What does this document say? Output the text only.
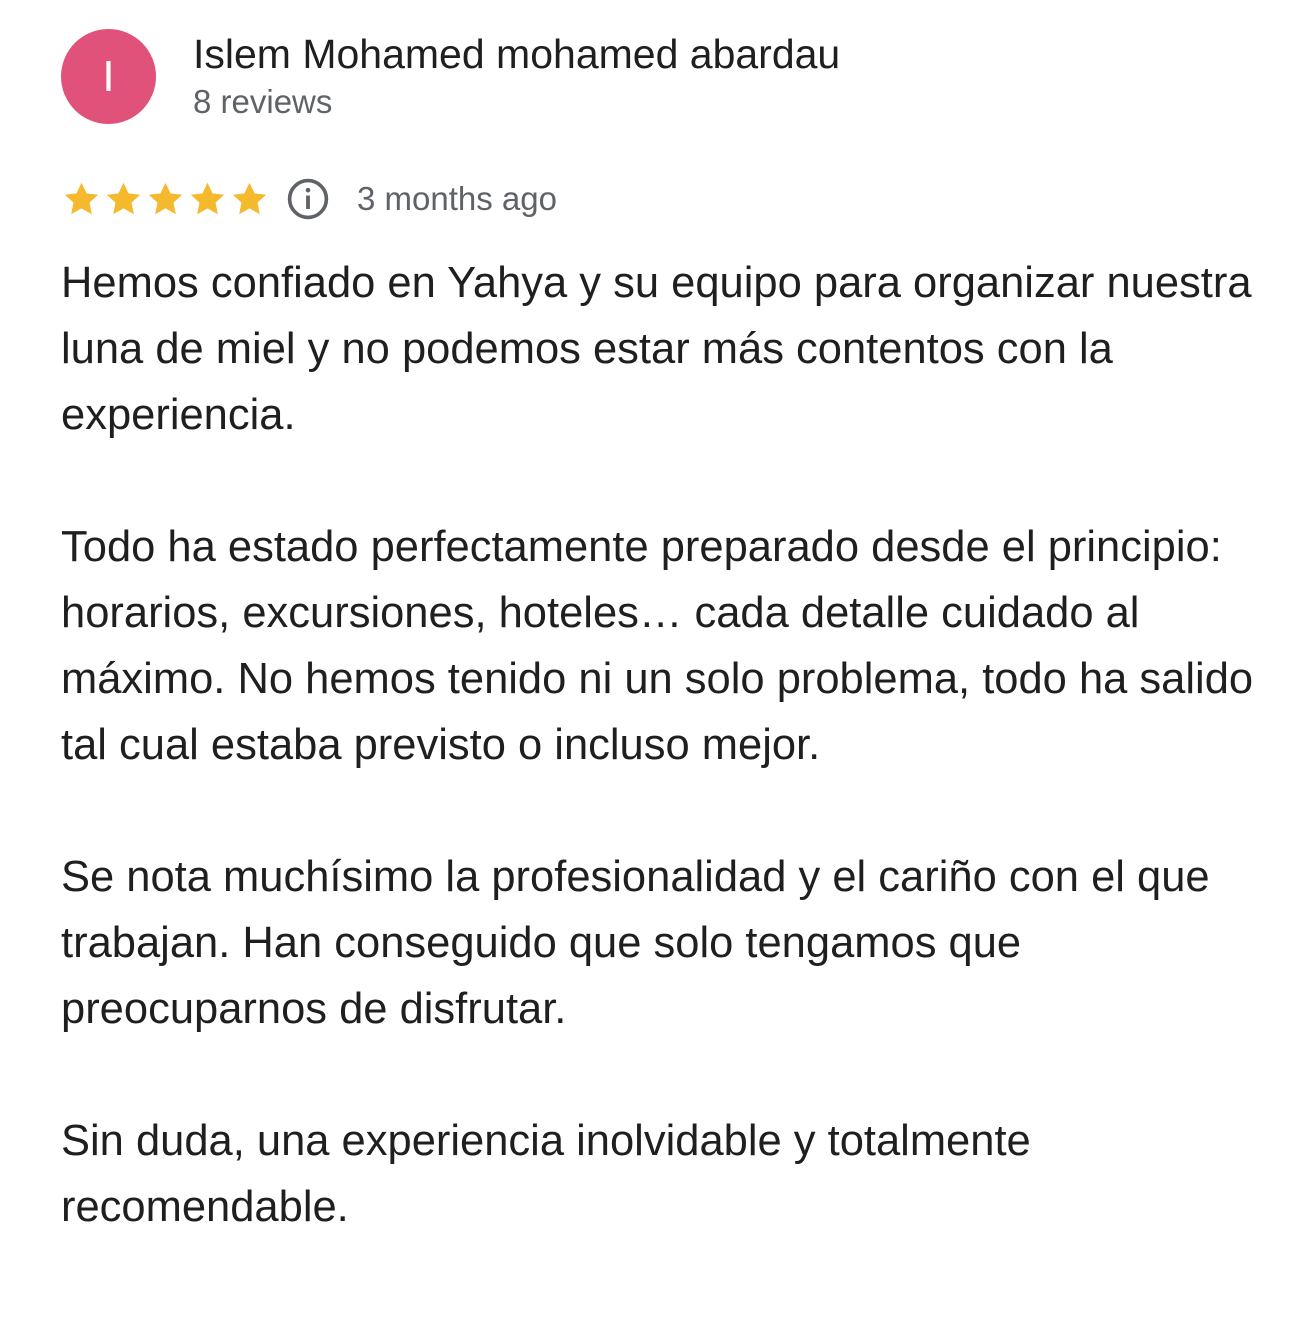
I Islem Mohamed mohamed abardau
8 reviews
3 months ago

Hemos confiado en Yahya y su equipo para organizar nuestra luna de miel y no podemos estar más contentos con la experiencia.

Todo ha estado perfectamente preparado desde el principio: horarios, excursiones, hoteles… cada detalle cuidado al máximo. No hemos tenido ni un solo problema, todo ha salido tal cual estaba previsto o incluso mejor.

Se nota muchísimo la profesionalidad y el cariño con el que trabajan. Han conseguido que solo tengamos que preocuparnos de disfrutar.

Sin duda, una experiencia inolvidable y totalmente recomendable.
